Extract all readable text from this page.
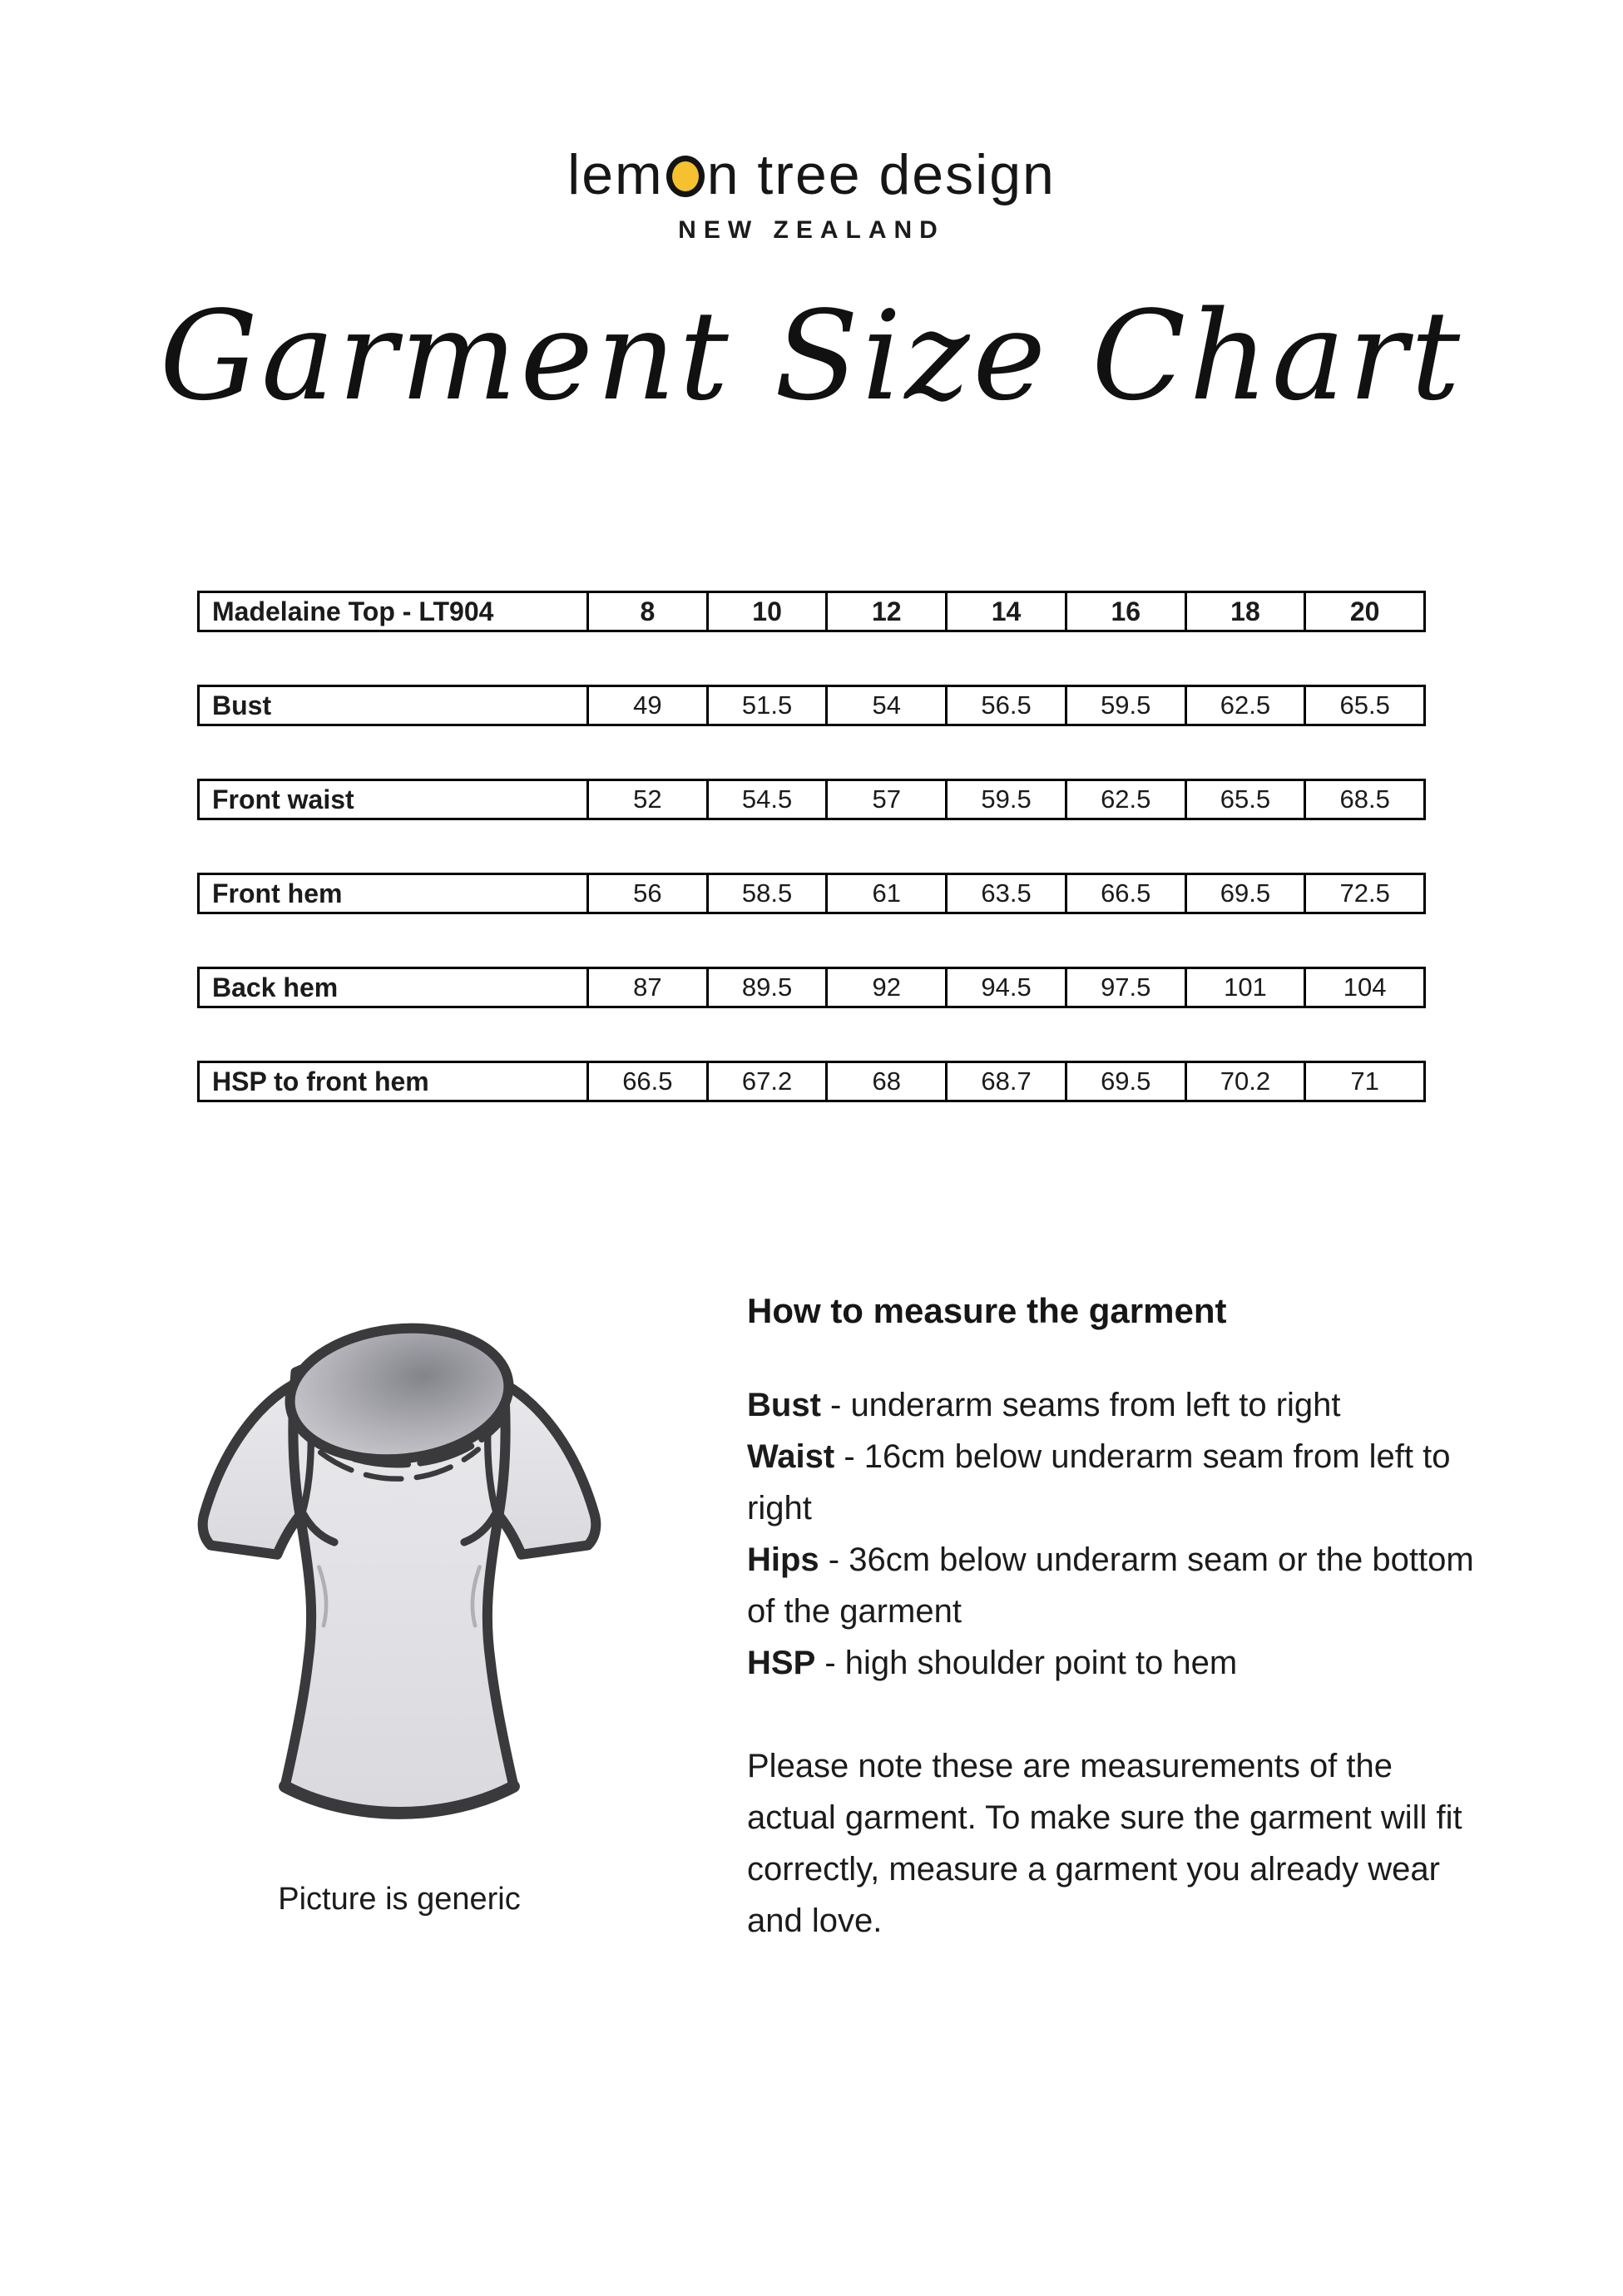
lem n tree design
NEW ZEALAND
Garment Size Chart
Madelaine Top - LT904	8	10	12	14	16	18	20
Bust	49	51.5	54	56.5	59.5	62.5	65.5
Front waist	52	54.5	57	59.5	62.5	65.5	68.5
Front hem	56	58.5	61	63.5	66.5	69.5	72.5
Back hem	87	89.5	92	94.5	97.5	101	104
HSP to front hem	66.5	67.2	68	68.7	69.5	70.2	71
Picture is generic
How to measure the garment

Bust - underarm seams from left to right

Waist - 16cm below underarm seam from left to right

Hips - 36cm below underarm seam or the bottom of the garment

HSP - high shoulder point to hem

Please note these are measurements of the actual garment. To make sure the garment will fit correctly, measure a garment you already wear and love.
